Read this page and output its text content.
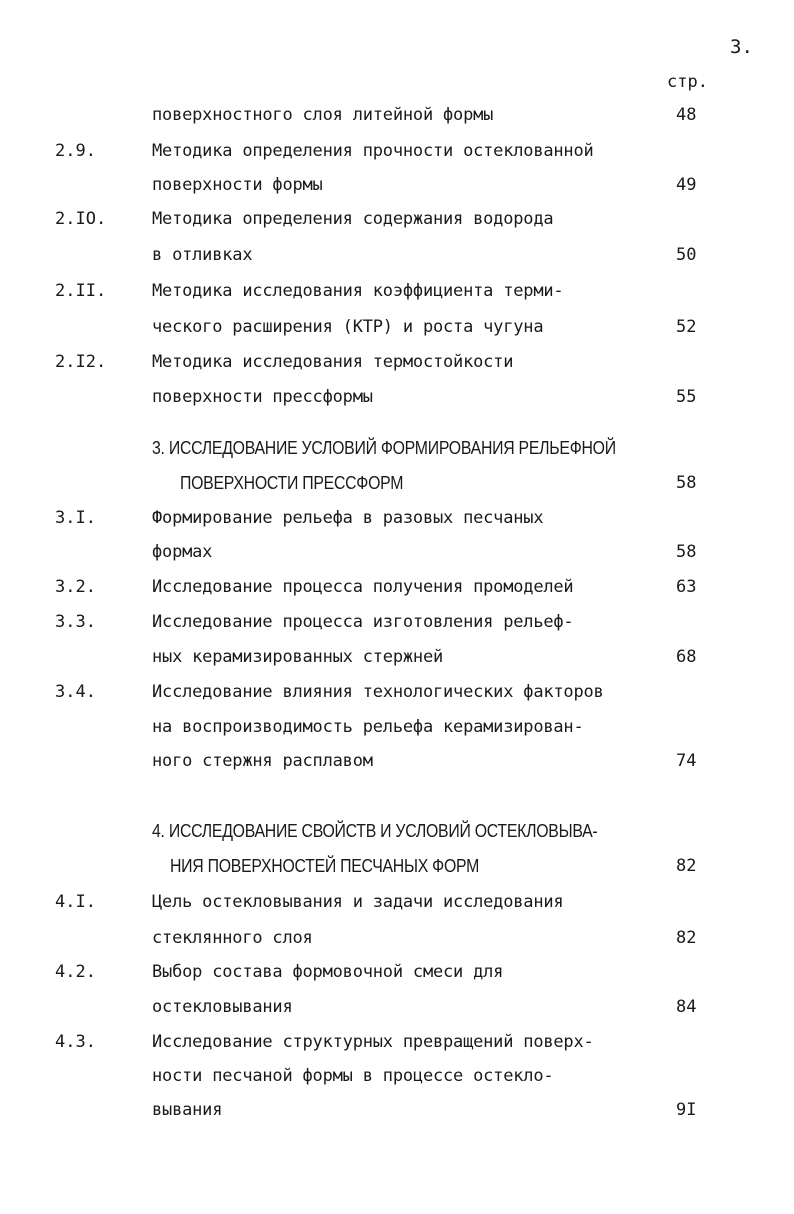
3.
стр.
поверхностного слоя литейной формы	48
2.9.	Методика определения прочности остеклованной
поверхности формы	49
2.IO.	Методика определения содержания водорода
в отливках	50
2.II.	Методика исследования коэффициента терми-
ческого расширения (КТР) и роста чугуна	52
2.I2.	Методика исследования термостойкости
поверхности прессформы	55
3. ИССЛЕДОВАНИЕ УСЛОВИЙ ФОРМИРОВАНИЯ РЕЛЬЕФНОЙ
ПОВЕРХНОСТИ ПРЕССФОРМ	58
3.I.	Формирование рельефа в разовых песчаных
формах	58
3.2.	Исследование процесса получения промоделей	63
3.3.	Исследование процесса изготовления рельеф-
ных керамизированных стержней	68
3.4.	Исследование влияния технологических факторов
на воспроизводимость рельефа керамизирован-
ного стержня расплавом	74
4. ИССЛЕДОВАНИЕ СВОЙСТВ И УСЛОВИЙ ОСТЕКЛОВЫВА-
НИЯ ПОВЕРХНОСТЕЙ ПЕСЧАНЫХ ФОРМ	82
4.I.	Цель остекловывания и задачи исследования
стеклянного слоя	82
4.2.	Выбор состава формовочной смеси для
остекловывания	84
4.3.	Исследование структурных превращений поверх-
ности песчаной формы в процессе остекло-
вывания	9I
